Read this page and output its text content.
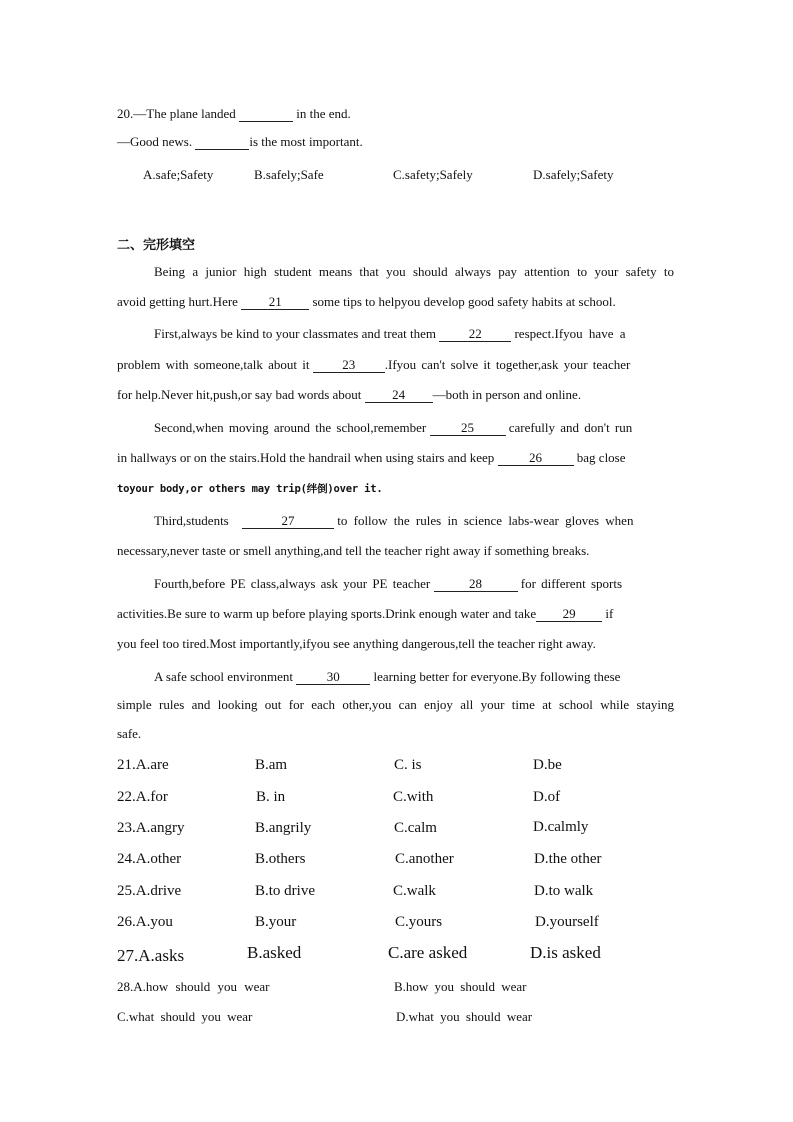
20.—The plane landed	in the end.
—Good news.	is the most important.
A.safe;Safety	B.safely;Safe	C.safety;Safely	D.safely;Safety
二、完形填空
Being a junior high student means that you should always pay attention to your safety to
avoid getting hurt.Here 21 some tips to helpyou develop good safety habits at school.
First,always be kind to your classmates and treat them	22	respect.Ifyou have a
problem with someone,talk about it	23 .Ifyou can't solve it together,ask your teacher
for help.Never hit,push,or say bad words about 24 —both in person and online.
Second,when moving around the school,remember	25	carefully and don't run
in hallways or on the stairs.Hold the handrail when using stairs and keep	26	bag close
toyour body,or others may trip(绊倒)over it.
Third,students	27	to follow the rules in science labs-wear gloves when
necessary,never taste or smell anything,and tell the teacher right away if something breaks.
Fourth,before PE class,always ask your PE teacher	28	for different sports
activities.Be sure to warm up before playing sports.Drink enough water and take 29 if
you feel too tired.Most importantly,ifyou see anything dangerous,tell the teacher right away.
A safe school environment	30	learning better for everyone.By following these
simple rules and looking out for each other,you can enjoy all your time at school while staying
safe.
21.A.are	B.am	C. is	D.be
22.A.for	B. in	C.with	D.of
23.A.angry	B.angrily	C.calm	D.calmly
24.A.other	B.others	C.another	D.the other
25.A.drive	B.to drive	C.walk	D.to walk
26.A.you	B.your	C.yours	D.yourself
27.A.asks	B.asked	C.are asked	D.is asked
28.A.how should you wear	B.how you should wear
C.what should you wear	D.what you should wear
